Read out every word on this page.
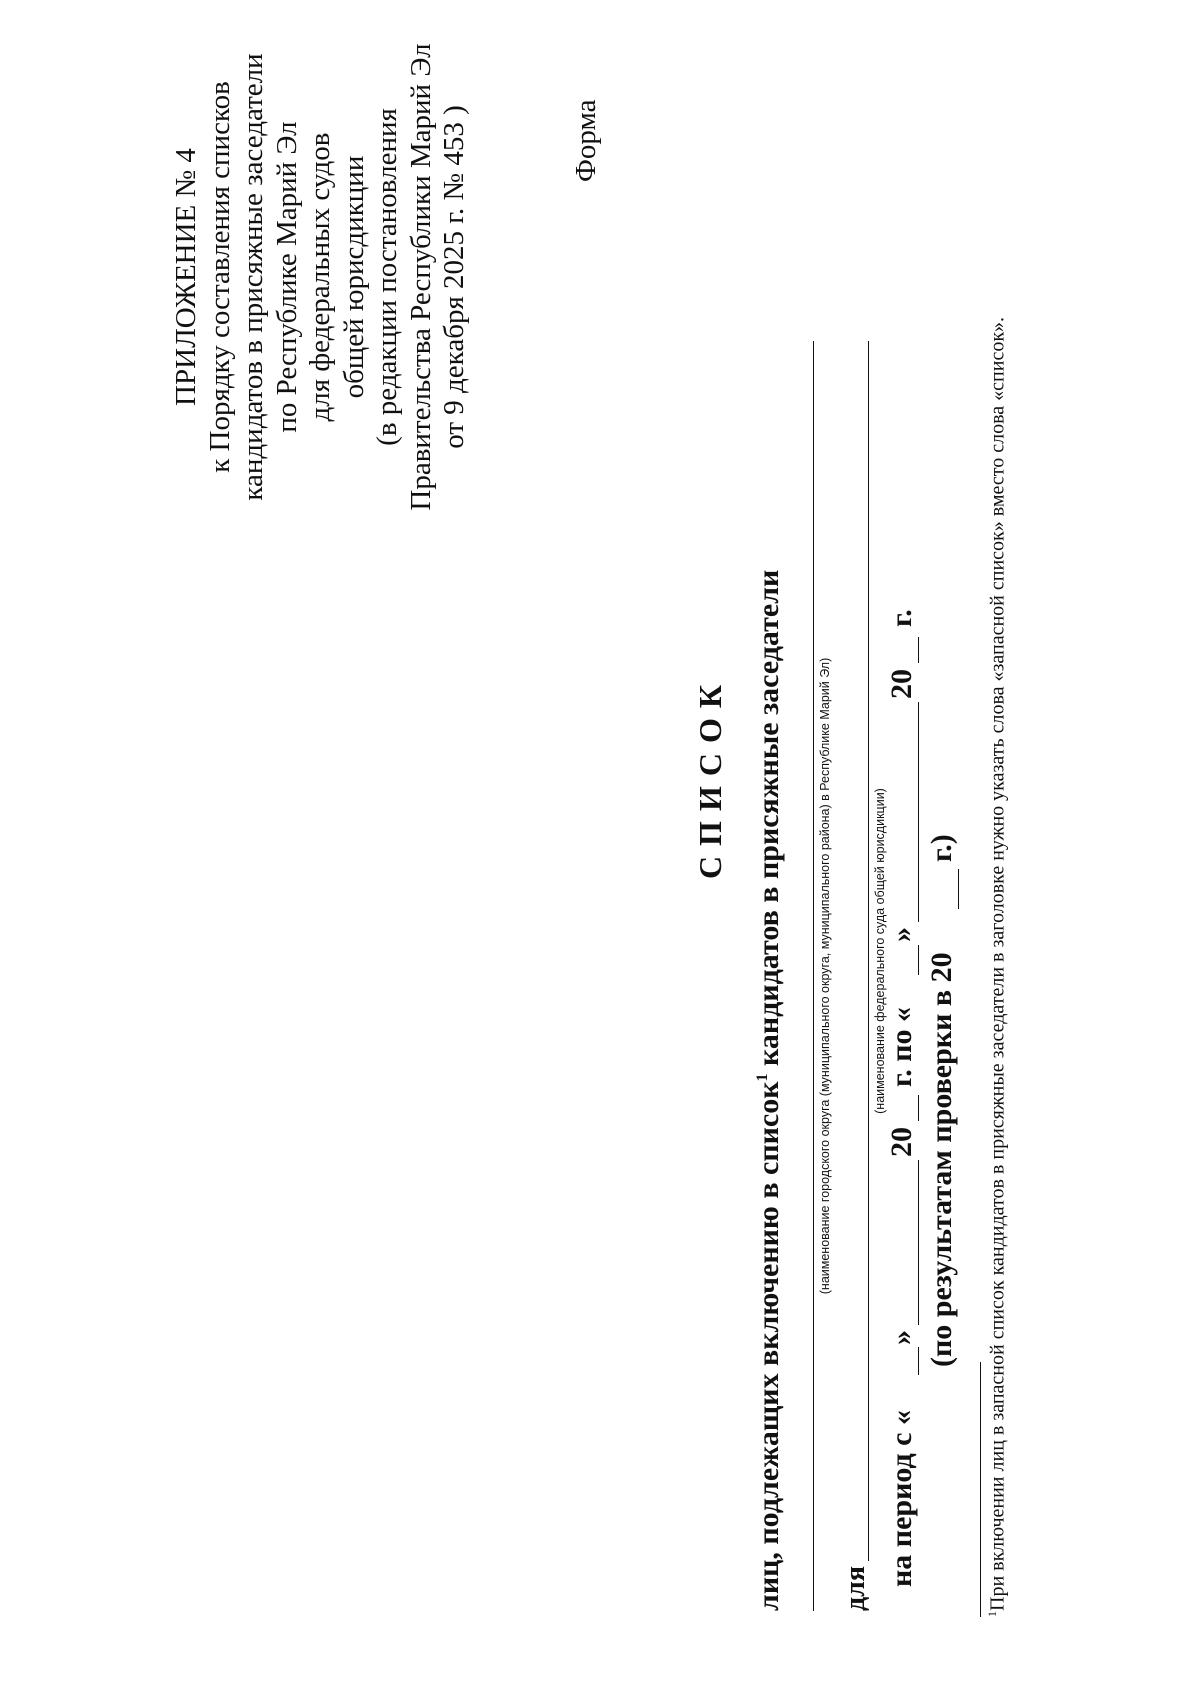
ПРИЛОЖЕНИЕ № 4 к Порядку составления списков кандидатов в присяжные заседатели по Республике Марий Эл для федеральных судов общей юрисдикции (в редакции постановления Правительства Республики Марий Эл от 9 декабря 2025 г. № 453 )	Форма
СПИСОК
лиц, подлежащих включению в список$^1$ кандидатов в присяжные заседатели	(наименование городского округа (муниципального округа, муниципального района) в Республике Марий Эл)
для
(наименование федерального суда общей юрисдикции)
на период с «
»
20
г. по «
»
20
г.
(по результатам проверки в 20
г.)
$^1$При включении лиц в запасной список кандидатов в присяжные заседатели в заголовке нужно указать слова «запасной список» вместо слова «список».
